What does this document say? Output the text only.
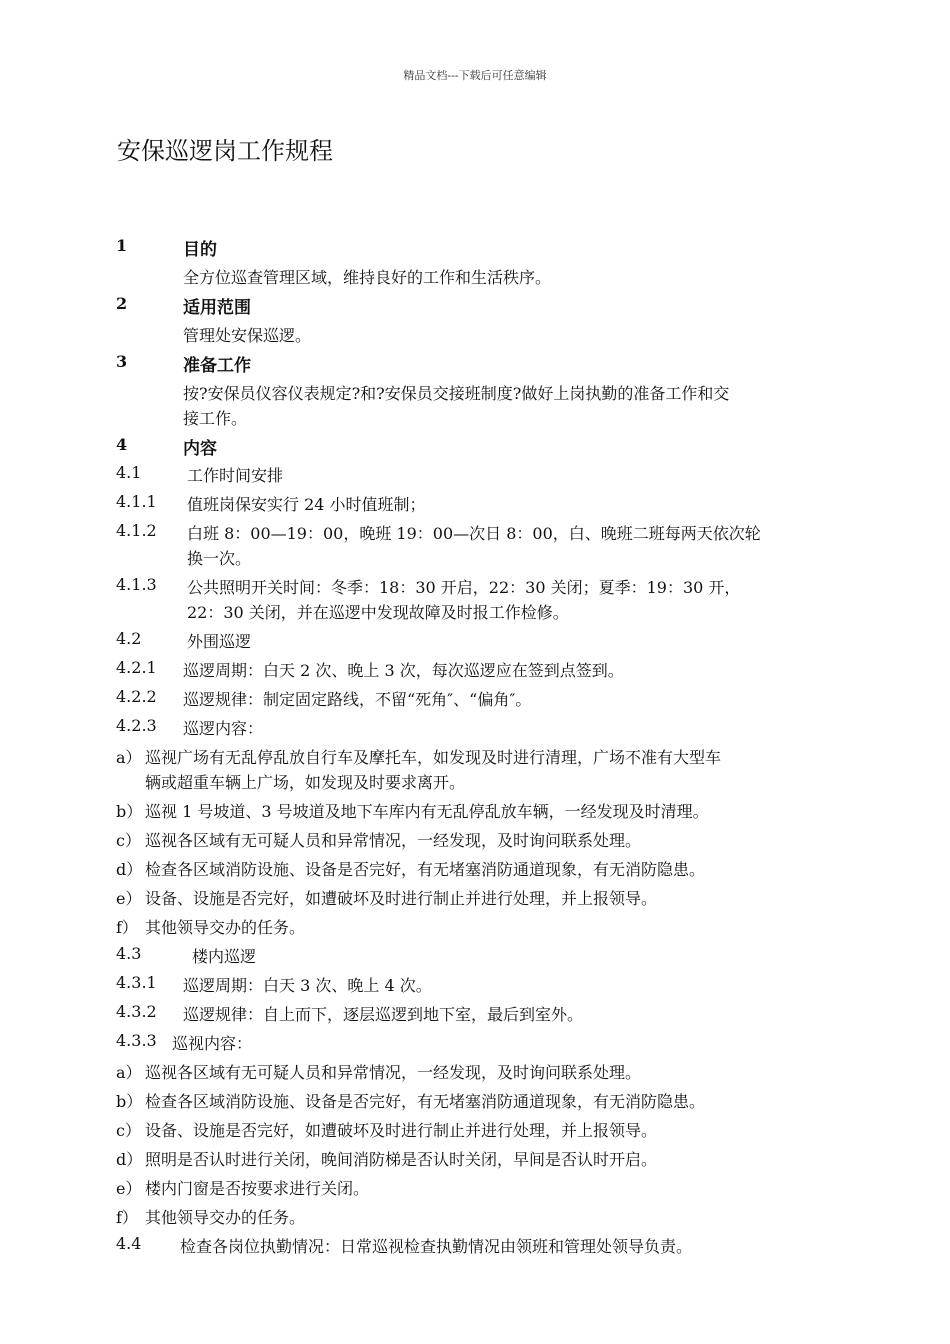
精品文档---下载后可任意编辑
安保巡逻岗工作规程
1	目的
全方位巡查管理区域，维持良好的工作和生活秩序。
2	适用范围
管理处安保巡逻。
3	准备工作
按?安保员仪容仪表规定?和?安保员交接班制度?做好上岗执勤的准备工作和交
接工作。
4	内容
4.1	工作时间安排
4.1.1 值班岗保安实行 24 小时值班制；
4.1.2 白班 8：00—19：00，晚班 19：00—次日 8：00，白、晚班二班每两天依次轮
换一次。
4.1.3 公共照明开关时间：冬季：18：30 开启，22：30 关闭；夏季：19：30 开，
22：30 关闭，并在巡逻中发现故障及时报工作检修。
4.2	外围巡逻
4.2.1 巡逻周期：白天 2 次、晚上 3 次，每次巡逻应在签到点签到。
4.2.2 巡逻规律：制定固定路线，不留“死角″、“偏角″。
4.2.3 巡逻内容：
a） 巡视广场有无乱停乱放自行车及摩托车，如发现及时进行清理，广场不准有大型车
辆或超重车辆上广场，如发现及时要求离开。
b） 巡视 1 号坡道、3 号坡道及地下车库内有无乱停乱放车辆，一经发现及时清理。
c） 巡视各区域有无可疑人员和异常情况，一经发现，及时询问联系处理。
d） 检查各区域消防设施、设备是否完好，有无堵塞消防通道现象，有无消防隐患。
e） 设备、设施是否完好，如遭破坏及时进行制止并进行处理，并上报领导。
f） 其他领导交办的任务。
4.3	楼内巡逻
4.3.1 巡逻周期：白天 3 次、晚上 4 次。
4.3.2 巡逻规律：自上而下，逐层巡逻到地下室，最后到室外。
4.3.3 巡视内容：
a） 巡视各区域有无可疑人员和异常情况，一经发现，及时询问联系处理。
b） 检查各区域消防设施、设备是否完好，有无堵塞消防通道现象，有无消防隐患。
c） 设备、设施是否完好，如遭破坏及时进行制止并进行处理，并上报领导。
d） 照明是否认时进行关闭，晚间消防梯是否认时关闭，早间是否认时开启。
e） 楼内门窗是否按要求进行关闭。
f） 其他领导交办的任务。
4.4 检查各岗位执勤情况：日常巡视检查执勤情况由领班和管理处领导负责。
